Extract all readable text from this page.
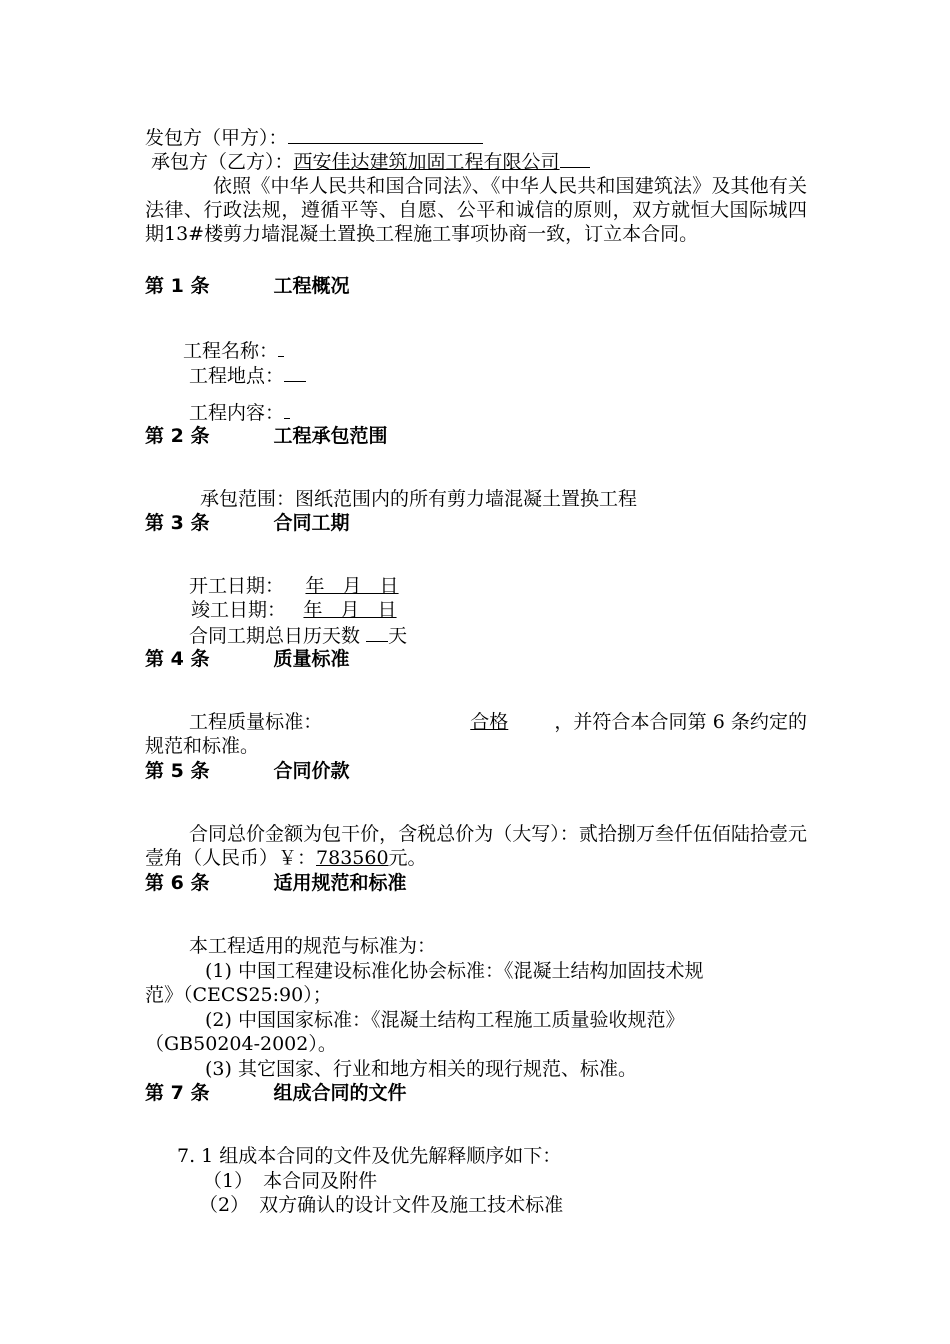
发包方（甲方）：
承包方（乙方）：西安佳达建筑加固工程有限公司

依照《中华人民共和国合同法》、《中华人民共和国建筑法》及其他有关法律、行政法规，遵循平等、自愿、公平和诚信的原则，双方就恒大国际城四期13#楼剪力墙混凝土置换工程施工事项协商一致，订立本合同。

第 1 条	工程概况
工程名称：
工程地点：
工程内容：
第 2 条	工程承包范围
承包范围：图纸范围内的所有剪力墙混凝土置换工程
第 3 条	合同工期
开工日期： 年 月 日
竣工日期： 年 月 日
合同工期总日历天数 天
第 4 条	质量标准

工程质量标准：	合格 ，并符合本合同第 6 条约定的规范和标准。

第 5 条	合同价款

合同总价金额为包干价，含税总价为（大写）：贰拾捌万叁仟伍佰陆拾壹元壹角（人民币）￥：783560元。

第 6 条	适用规范和标准
本工程适用的规范与标准为：
(1) 中国工程建设标准化协会标准：《混凝土结构加固技术规
范》（CECS25:90）；
(2) 中国国家标准：《混凝土结构工程施工质量验收规范》
（GB50204-2002）。
(3) 其它国家、行业和地方相关的现行规范、标准。
第 7 条	组成合同的文件
7. 1 组成本合同的文件及优先解释顺序如下：
（1） 本合同及附件
（2） 双方确认的设计文件及施工技术标准
